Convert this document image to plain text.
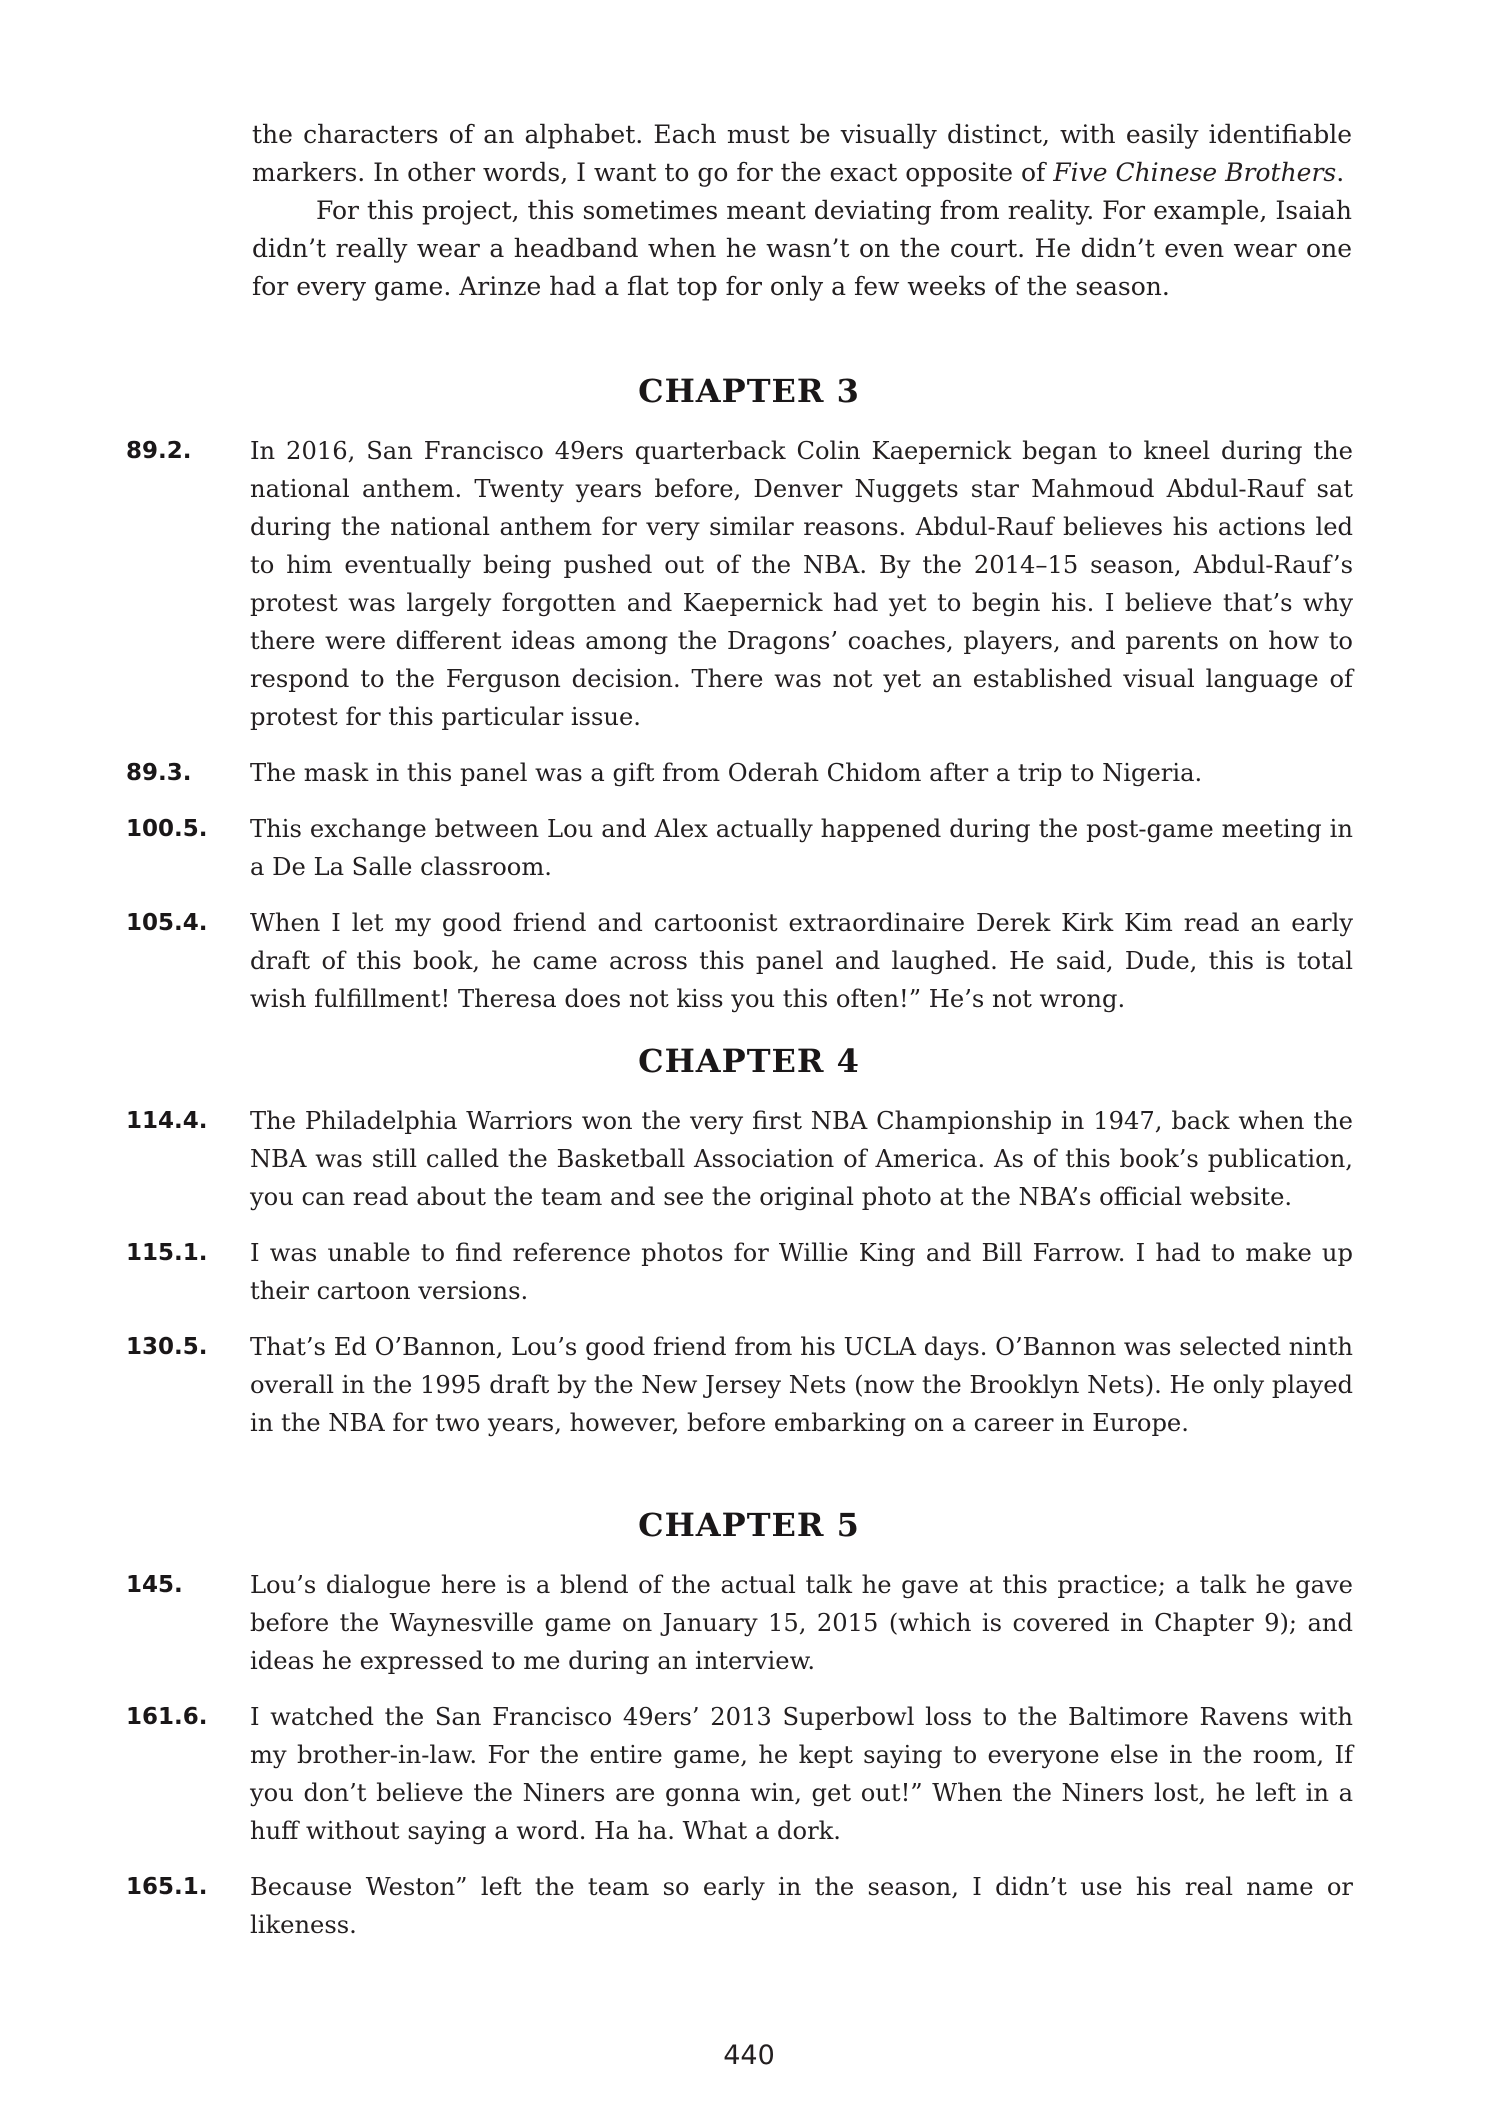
the characters of an alphabet. Each must be visually distinct, with easily identifiable markers. In other words, I want to go for the exact opposite of Five Chinese Brothers.

For this project, this sometimes meant deviating from reality. For example, Isaiah didn’t really wear a headband when he wasn’t on the court. He didn’t even wear one for every game. Arinze had a flat top for only a few weeks of the season.

CHAPTER 3
89.2. In 2016, San Francisco 49ers quarterback Colin Kaepernick began to kneel during the national anthem. Twenty years before, Denver Nuggets star Mahmoud Abdul-Rauf sat during the national anthem for very similar reasons. Abdul-Rauf believes his actions led to him eventually being pushed out of the NBA. By the 2014–15 season, Abdul-Rauf’s protest was largely forgotten and Kaepernick had yet to begin his. I believe that’s why there were different ideas among the Dragons’ coaches, players, and parents on how to respond to the Ferguson decision. There was not yet an established visual language of protest for this particular issue.
89.3. The mask in this panel was a gift from Oderah Chidom after a trip to Nigeria.
100.5. This exchange between Lou and Alex actually happened during the post-game meeting in a De La Salle classroom.
105.4. When I let my good friend and cartoonist extraordinaire Derek Kirk Kim read an early draft of this book, he came across this panel and laughed. He said, Dude, this is total wish fulfillment! Theresa does not kiss you this often!” He’s not wrong.
CHAPTER 4
114.4. The Philadelphia Warriors won the very first NBA Championship in 1947, back when the NBA was still called the Basketball Association of America. As of this book’s publication, you can read about the team and see the original photo at the NBA’s official website.
115.1. I was unable to find reference photos for Willie King and Bill Farrow. I had to make up their cartoon versions.
130.5. That’s Ed O’Bannon, Lou’s good friend from his UCLA days. O’Bannon was selected ninth overall in the 1995 draft by the New Jersey Nets (now the Brooklyn Nets). He only played in the NBA for two years, however, before embarking on a career in Europe.
CHAPTER 5
145.	Lou’s dialogue here is a blend of the actual talk he gave at this practice; a talk he gave before the Waynesville game on January 15, 2015 (which is covered in Chapter 9); and ideas he expressed to me during an interview.
161.6. I watched the San Francisco 49ers’ 2013 Superbowl loss to the Baltimore Ravens with my brother-in-law. For the entire game, he kept saying to everyone else in the room, If you don’t believe the Niners are gonna win, get out!” When the Niners lost, he left in a huff without saying a word. Ha ha. What a dork.
165.1. Because Weston” left the team so early in the season, I didn’t use his real name or likeness.
440
